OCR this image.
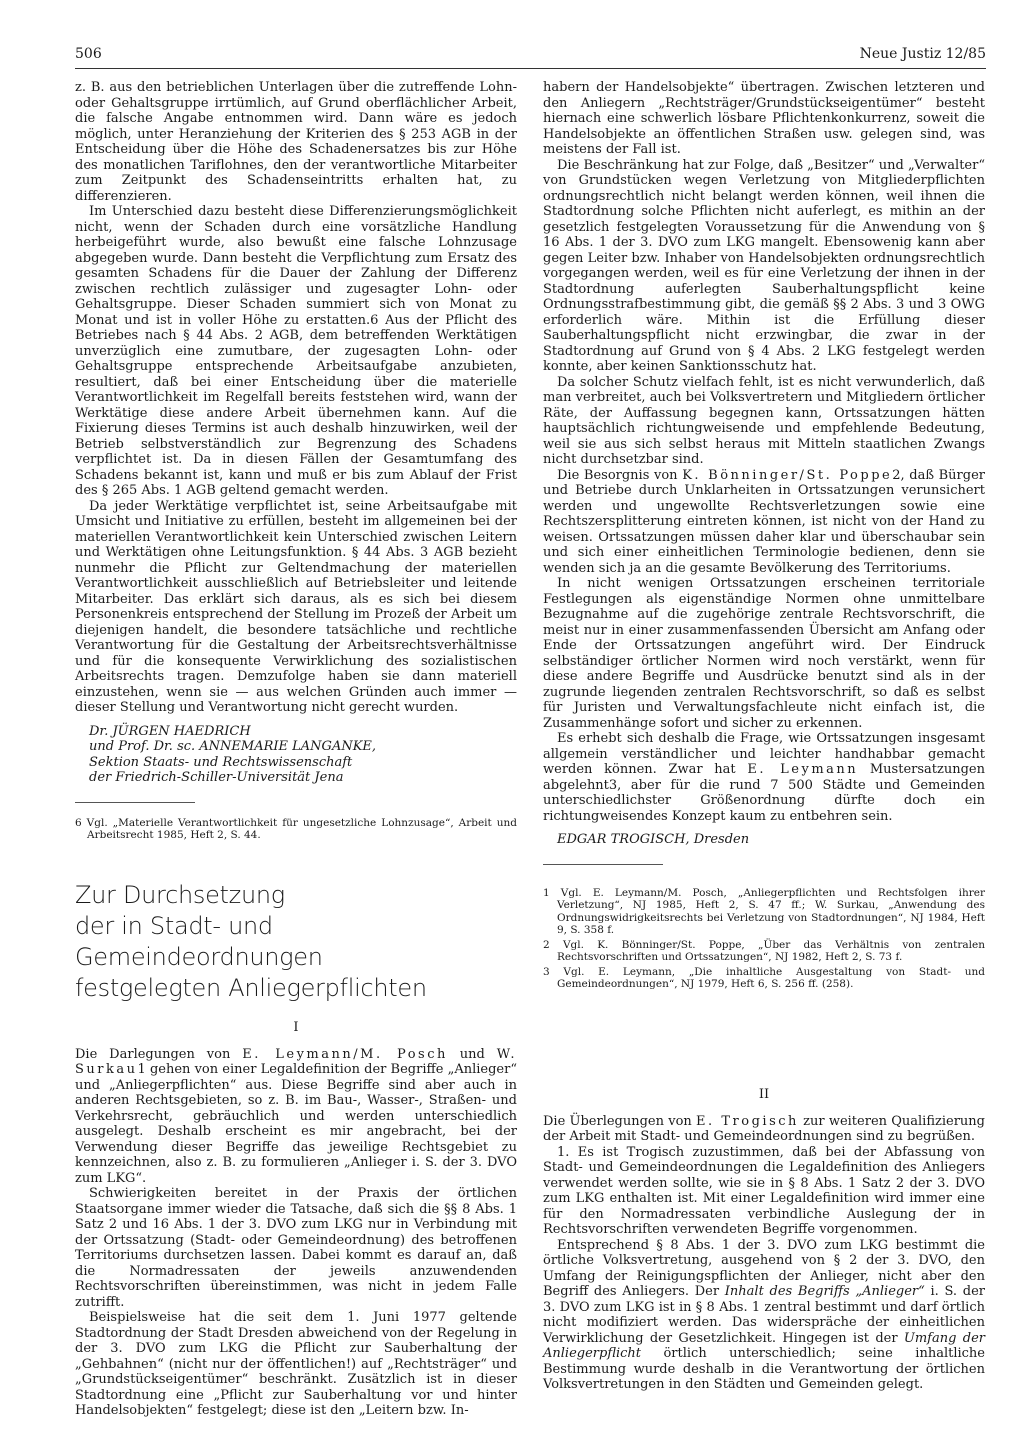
506	Neue Justiz 12/85

z. B. aus den betrieblichen Unterlagen über die zutreffende Lohn- oder Gehaltsgruppe irrtümlich, auf Grund oberflächlicher Arbeit, die falsche Angabe entnommen wird. Dann wäre es jedoch möglich, unter Heranziehung der Kriterien des § 253 AGB in der Entscheidung über die Höhe des Schadenersatzes bis zur Höhe des monatlichen Tariflohnes, den der verantwortliche Mitarbeiter zum Zeitpunkt des Schadenseintritts erhalten hat, zu differenzieren.

Im Unterschied dazu besteht diese Differenzierungsmöglichkeit nicht, wenn der Schaden durch eine vorsätzliche Handlung herbeigeführt wurde, also bewußt eine falsche Lohnzusage abgegeben wurde. Dann besteht die Verpflichtung zum Ersatz des gesamten Schadens für die Dauer der Zahlung der Differenz zwischen rechtlich zulässiger und zugesagter Lohn- oder Gehaltsgruppe. Dieser Schaden summiert sich von Monat zu Monat und ist in voller Höhe zu erstatten.6 Aus der Pflicht des Betriebes nach § 44 Abs. 2 AGB, dem betreffenden Werktätigen unverzüglich eine zumutbare, der zugesagten Lohn- oder Gehaltsgruppe entsprechende Arbeitsaufgabe anzubieten, resultiert, daß bei einer Entscheidung über die materielle Verantwortlichkeit im Regelfall bereits feststehen wird, wann der Werktätige diese andere Arbeit übernehmen kann. Auf die Fixierung dieses Termins ist auch deshalb hinzuwirken, weil der Betrieb selbstverständlich zur Begrenzung des Schadens verpflichtet ist. Da in diesen Fällen der Gesamtumfang des Schadens bekannt ist, kann und muß er bis zum Ablauf der Frist des § 265 Abs. 1 AGB geltend gemacht werden.

Da jeder Werktätige verpflichtet ist, seine Arbeitsaufgabe mit Umsicht und Initiative zu erfüllen, besteht im allgemeinen bei der materiellen Verantwortlichkeit kein Unterschied zwischen Leitern und Werktätigen ohne Leitungsfunktion. § 44 Abs. 3 AGB bezieht nunmehr die Pflicht zur Geltendmachung der materiellen Verantwortlichkeit ausschließlich auf Betriebsleiter und leitende Mitarbeiter. Das erklärt sich daraus, als es sich bei diesem Personenkreis entsprechend der Stellung im Prozeß der Arbeit um diejenigen handelt, die besondere tatsächliche und rechtliche Verantwortung für die Gestaltung der Arbeitsrechtsverhältnisse und für die konsequente Verwirklichung des sozialistischen Arbeitsrechts tragen. Demzufolge haben sie dann materiell einzustehen, wenn sie — aus welchen Gründen auch immer — dieser Stellung und Verantwortung nicht gerecht wurden.

Dr. JÜRGEN HAEDRICH

und Prof. Dr. sc. ANNEMARIE LANGANKE,

Sektion Staats- und Rechtswissenschaft

der Friedrich-Schiller-Universität Jena

6 Vgl. „Materielle Verantwortlichkeit für ungesetzliche Lohnzusage“, Arbeit und Arbeitsrecht 1985, Heft 2, S. 44.
Zur Durchsetzung
der in Stadt- und Gemeindeordnungen
festgelegten Anliegerpflichten
I

Die Darlegungen von E. Leymann/M. Posch und W. Surkau1 gehen von einer Legaldefinition der Begriffe „Anlieger“ und „Anliegerpflichten“ aus. Diese Begriffe sind aber auch in anderen Rechtsgebieten, so z. B. im Bau-, Wasser-, Straßen- und Verkehrsrecht, gebräuchlich und werden unterschiedlich ausgelegt. Deshalb erscheint es mir angebracht, bei der Verwendung dieser Begriffe das jeweilige Rechtsgebiet zu kennzeichnen, also z. B. zu formulieren „Anlieger i. S. der 3. DVO zum LKG“.

Schwierigkeiten bereitet in der Praxis der örtlichen Staatsorgane immer wieder die Tatsache, daß sich die §§ 8 Abs. 1 Satz 2 und 16 Abs. 1 der 3. DVO zum LKG nur in Verbindung mit der Ortssatzung (Stadt- oder Gemeindeordnung) des betroffenen Territoriums durchsetzen lassen. Dabei kommt es darauf an, daß die Normadressaten der jeweils anzuwendenden Rechtsvorschriften übereinstimmen, was nicht in jedem Falle zutrifft.

Beispielsweise hat die seit dem 1. Juni 1977 geltende Stadtordnung der Stadt Dresden abweichend von der Regelung in der 3. DVO zum LKG die Pflicht zur Sauberhaltung der „Gehbahnen“ (nicht nur der öffentlichen!) auf „Rechtsträger“ und „Grundstückseigentümer“ beschränkt. Zusätzlich ist in dieser Stadtordnung eine „Pflicht zur Sauberhaltung vor und hinter Handelsobjekten“ festgelegt; diese ist den „Leitern bzw. In-

habern der Handelsobjekte“ übertragen. Zwischen letzteren und den Anliegern „Rechtsträger/Grundstückseigentümer“ besteht hiernach eine schwerlich lösbare Pflichtenkonkurrenz, soweit die Handelsobjekte an öffentlichen Straßen usw. gelegen sind, was meistens der Fall ist.

Die Beschränkung hat zur Folge, daß „Besitzer“ und „Verwalter“ von Grundstücken wegen Verletzung von Mitgliederpflichten ordnungsrechtlich nicht belangt werden können, weil ihnen die Stadtordnung solche Pflichten nicht auferlegt, es mithin an der gesetzlich festgelegten Voraussetzung für die Anwendung von § 16 Abs. 1 der 3. DVO zum LKG mangelt. Ebensowenig kann aber gegen Leiter bzw. Inhaber von Handelsobjekten ordnungsrechtlich vorgegangen werden, weil es für eine Verletzung der ihnen in der Stadtordnung auferlegten Sauberhaltungspflicht keine Ordnungsstrafbestimmung gibt, die gemäß §§ 2 Abs. 3 und 3 OWG erforderlich wäre. Mithin ist die Erfüllung dieser Sauberhaltungspflicht nicht erzwingbar, die zwar in der Stadtordnung auf Grund von § 4 Abs. 2 LKG festgelegt werden konnte, aber keinen Sanktionsschutz hat.

Da solcher Schutz vielfach fehlt, ist es nicht verwunderlich, daß man verbreitet, auch bei Volksvertretern und Mitgliedern örtlicher Räte, der Auffassung begegnen kann, Ortssatzungen hätten hauptsächlich richtungweisende und empfehlende Bedeutung, weil sie aus sich selbst heraus mit Mitteln staatlichen Zwangs nicht durchsetzbar sind.

Die Besorgnis von K. Bönninger/St. Poppe2, daß Bürger und Betriebe durch Unklarheiten in Ortssatzungen verunsichert werden und ungewollte Rechtsverletzungen sowie eine Rechtszersplitterung eintreten können, ist nicht von der Hand zu weisen. Ortssatzungen müssen daher klar und überschaubar sein und sich einer einheitlichen Terminologie bedienen, denn sie wenden sich ja an die gesamte Bevölkerung des Territoriums.

In nicht wenigen Ortssatzungen erscheinen territoriale Festlegungen als eigenständige Normen ohne unmittelbare Bezugnahme auf die zugehörige zentrale Rechtsvorschrift, die meist nur in einer zusammenfassenden Übersicht am Anfang oder Ende der Ortssatzungen angeführt wird. Der Eindruck selbständiger örtlicher Normen wird noch verstärkt, wenn für diese andere Begriffe und Ausdrücke benutzt sind als in der zugrunde liegenden zentralen Rechtsvorschrift, so daß es selbst für Juristen und Verwaltungsfachleute nicht einfach ist, die Zusammenhänge sofort und sicher zu erkennen.

Es erhebt sich deshalb die Frage, wie Ortssatzungen insgesamt allgemein verständlicher und leichter handhabbar gemacht werden können. Zwar hat E. Leymann Mustersatzungen abgelehnt3, aber für die rund 7 500 Städte und Gemeinden unterschiedlichster Größenordnung dürfte doch ein richtungweisendes Konzept kaum zu entbehren sein.

EDGAR TROGISCH, Dresden

1 Vgl. E. Leymann/M. Posch, „Anliegerpflichten und Rechtsfolgen ihrer Verletzung“, NJ 1985, Heft 2, S. 47 ff.; W. Surkau, „Anwendung des Ordnungswidrigkeitsrechts bei Verletzung von Stadtordnungen“, NJ 1984, Heft 9, S. 358 f.
2 Vgl. K. Bönninger/St. Poppe, „Über das Verhältnis von zentralen Rechtsvorschriften und Ortssatzungen“, NJ 1982, Heft 2, S. 73 f.
3 Vgl. E. Leymann, „Die inhaltliche Ausgestaltung von Stadt- und Gemeindeordnungen“, NJ 1979, Heft 6, S. 256 ff. (258).
II

Die Überlegungen von E. Trogisch zur weiteren Qualifizierung der Arbeit mit Stadt- und Gemeindeordnungen sind zu begrüßen.

1. Es ist Trogisch zuzustimmen, daß bei der Abfassung von Stadt- und Gemeindeordnungen die Legaldefinition des Anliegers verwendet werden sollte, wie sie in § 8 Abs. 1 Satz 2 der 3. DVO zum LKG enthalten ist. Mit einer Legaldefinition wird immer eine für den Normadressaten verbindliche Auslegung der in Rechtsvorschriften verwendeten Begriffe vorgenommen.

Entsprechend § 8 Abs. 1 der 3. DVO zum LKG bestimmt die örtliche Volksvertretung, ausgehend von § 2 der 3. DVO, den Umfang der Reinigungspflichten der Anlieger, nicht aber den Begriff des Anliegers. Der Inhalt des Begriffs „Anlieger“ i. S. der 3. DVO zum LKG ist in § 8 Abs. 1 zentral bestimmt und darf örtlich nicht modifiziert werden. Das widerspräche der einheitlichen Verwirklichung der Gesetzlichkeit. Hingegen ist der Umfang der Anliegerpflicht örtlich unterschiedlich; seine inhaltliche Bestimmung wurde deshalb in die Verantwortung der örtlichen Volksvertretungen in den Städten und Gemeinden gelegt.
